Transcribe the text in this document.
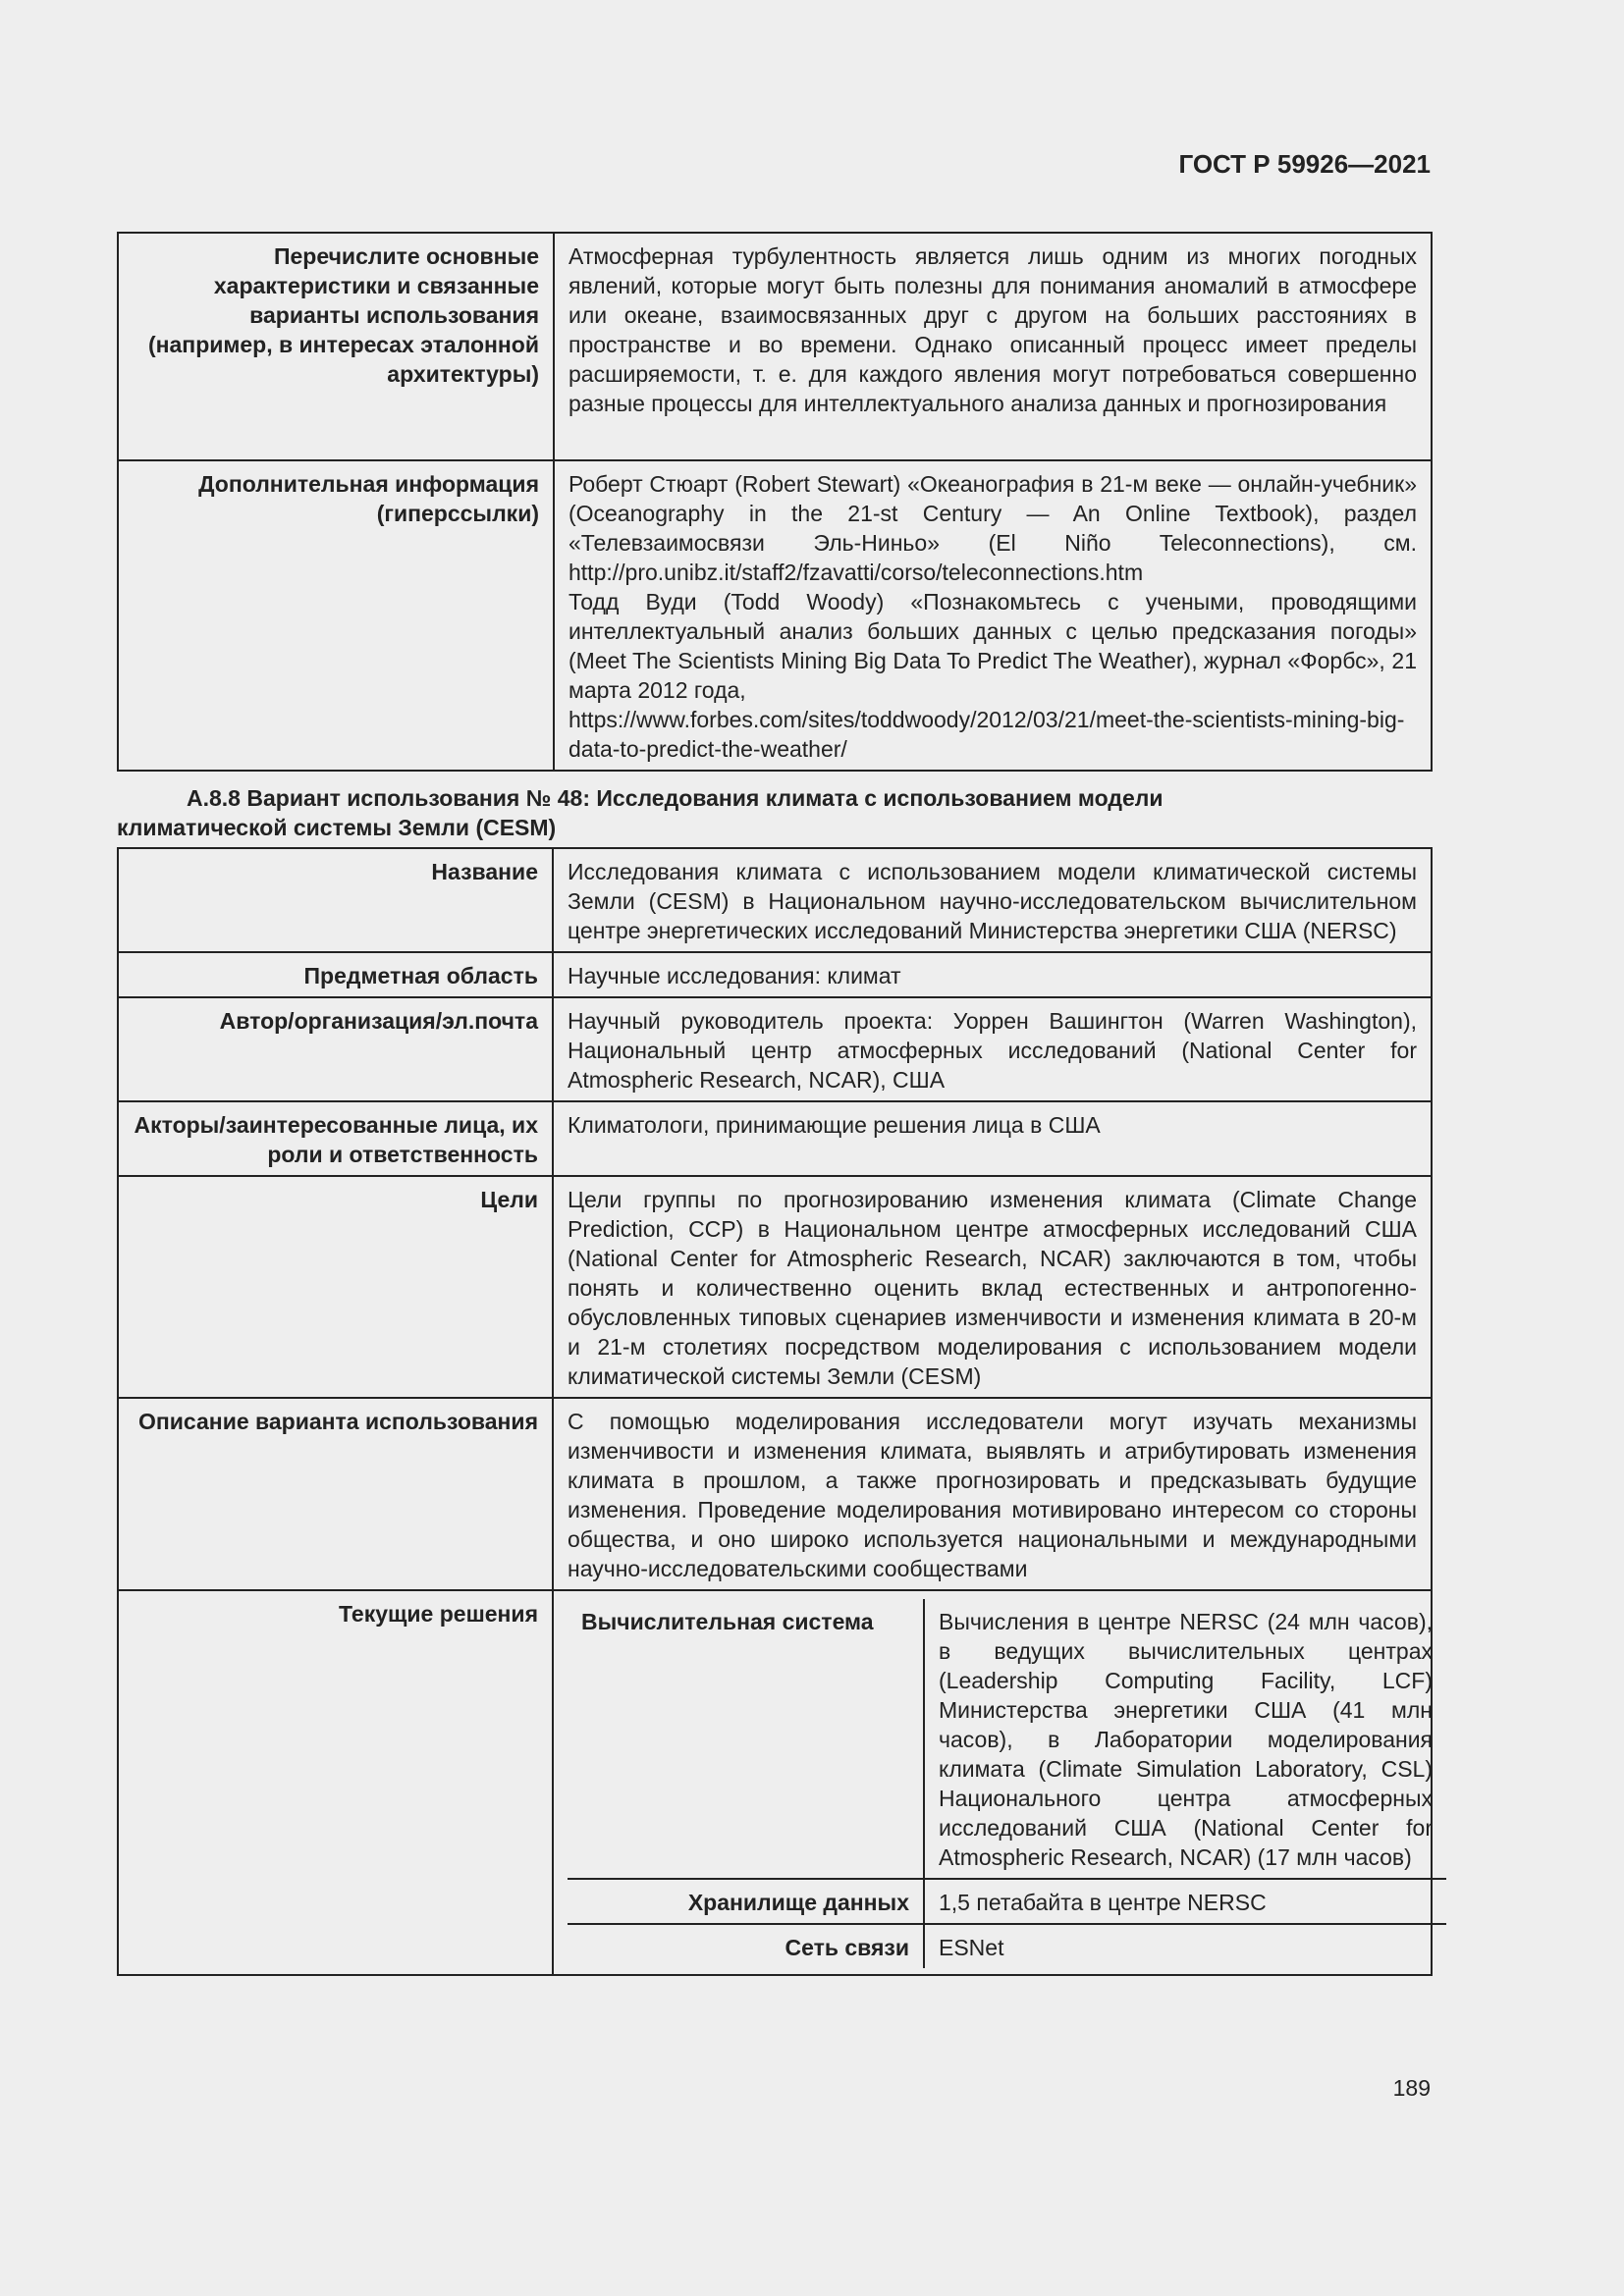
ГОСТ Р 59926—2021
Перечислите основные характеристики и связанные варианты использования (например, в интересах эталонной архитектуры)	Атмосферная турбулентность является лишь одним из многих погодных явлений, которые могут быть полезны для понимания аномалий в атмосфере или океане, взаимосвязанных друг с другом на больших расстояниях в пространстве и во времени. Однако описанный процесс имеет пределы расширяемости, т. е. для каждого явления могут потребоваться совершенно разные процессы для интеллектуального анализа данных и прогнозирования
Дополнительная информация (гиперссылки)	Роберт Стюарт (Robert Stewart) «Океанография в 21-м веке — онлайн-учебник» (Oceanography in the 21-st Century — An Online Textbook), раздел «Телевзаимосвязи Эль-Ниньо» (El Niño Teleconnections), см. http://pro.unibz.it/staff2/fzavatti/corso/teleconnections.htm
Тодд Вуди (Todd Woody) «Познакомьтесь с учеными, проводящими интеллектуальный анализ больших данных с целью предсказания погоды» (Meet The Scientists Mining Big Data To Predict The Weather), журнал «Форбс», 21 марта 2012 года,
https://www.forbes.com/sites/toddwoody/2012/03/21/meet-the-scientists-mining-big-data-to-predict-the-weather/
А.8.8 Вариант использования № 48: Исследования климата с использованием модели
климатической системы Земли (CESM)
Название	Исследования климата с использованием модели климатической системы Земли (CESM) в Национальном научно-исследовательском вычислительном центре энергетических исследований Министерства энергетики США (NERSC)
Предметная область	Научные исследования: климат
Автор/организация/эл.почта	Научный руководитель проекта: Уоррен Вашингтон (Warren Washington), Национальный центр атмосферных исследований (National Center for Atmospheric Research, NCAR), США
Акторы/заинтересованные лица, их роли и ответственность	Климатологи, принимающие решения лица в США
Цели	Цели группы по прогнозированию изменения климата (Climate Change Prediction, CCP) в Национальном центре атмосферных исследований США (National Center for Atmospheric Research, NCAR) заключаются в том, чтобы понять и количественно оценить вклад естественных и антропогенно-обусловленных типовых сценариев изменчивости и изменения климата в 20-м и 21-м столетиях посредством моделирования с использованием модели климатической системы Земли (CESM)
Описание варианта использования	С помощью моделирования исследователи могут изучать механизмы изменчивости и изменения климата, выявлять и атрибутировать изменения климата в прошлом, а также прогнозировать и предсказывать будущие изменения. Проведение моделирования мотивировано интересом со стороны общества, и оно широко используется национальными и международными научно-исследовательскими сообществами
Текущие решения	Вычислительная система	Вычисления в центре NERSC (24 млн часов), в ведущих вычислительных центрах (Leadership Computing Facility, LCF) Министерства энергетики США (41 млн часов), в Лаборатории моделирования климата (Climate Simulation Laboratory, CSL) Национального центра атмосферных исследований США (National Center for Atmospheric Research, NCAR) (17 млн часов)
Хранилище данных	1,5 петабайта в центре NERSC
Сеть связи	ESNet
189
